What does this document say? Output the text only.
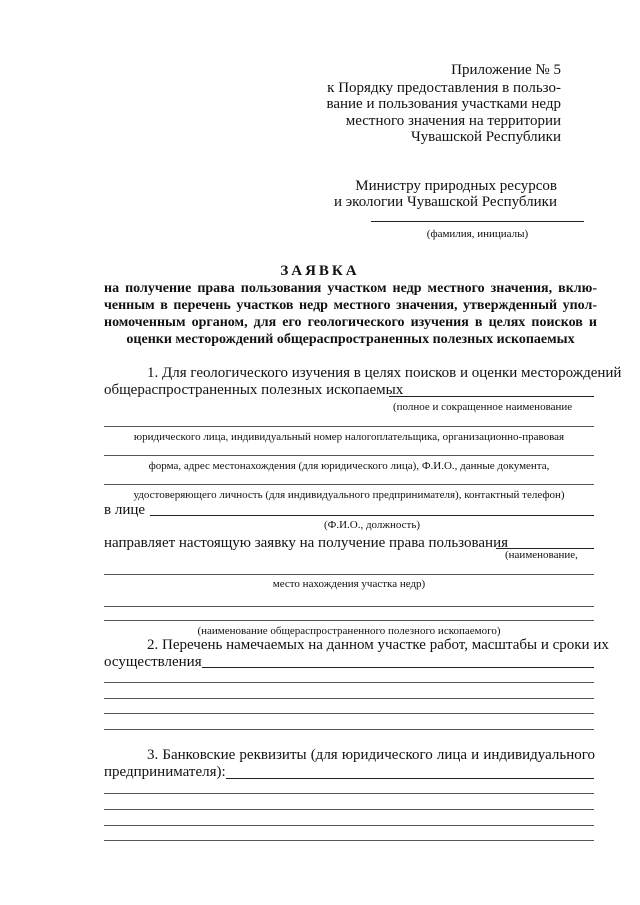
Приложение № 5
к Порядку предоставления в пользо-
вание и пользования участками недр
местного значения на территории
Чувашской Республики
Министру природных ресурсов
и экологии Чувашской Республики
(фамилия, инициалы)
ЗАЯВКА
на получение права пользования участком недр местного значения, вклю-
ченным в перечень участков недр местного значения, утвержденный упол-
номоченным органом, для его геологического изучения в целях поисков и
оценки месторождений общераспространенных полезных ископаемых
1. Для геологического изучения в целях поисков и оценки месторождений
общераспространенных полезных ископаемых
(полное и сокращенное наименование
юридического лица, индивидуальный номер налогоплательщика, организационно-правовая
форма, адрес местонахождения (для юридического лица), Ф.И.О., данные документа,
удостоверяющего личность (для индивидуального предпринимателя), контактный телефон)
в лице
(Ф.И.О., должность)
направляет настоящую заявку на получение права пользования
(наименование,
место нахождения участка недр)
(наименование общераспространенного полезного ископаемого)
2. Перечень намечаемых на данном участке работ, масштабы и сроки их
осуществления
3. Банковские реквизиты (для юридического лица и индивидуального
предпринимателя):
